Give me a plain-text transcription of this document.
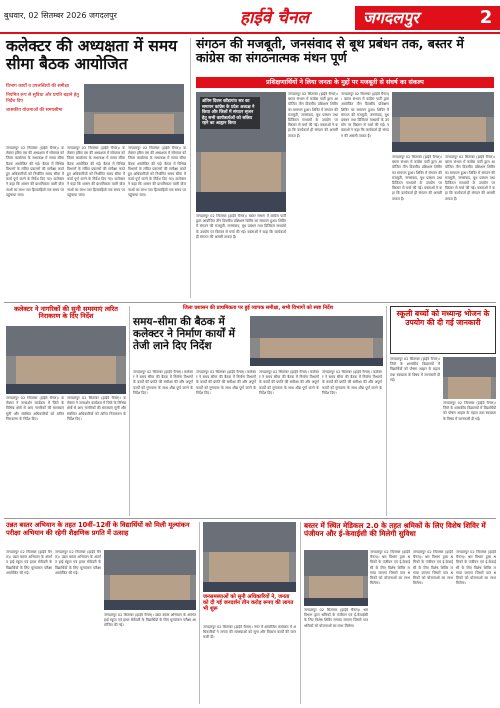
बुधवार, 02 सितम्बर 2026 जगदलपुर	हाईवे चैनल	जगदलपुर	2
कलेक्टर की अध्यक्षता में समय सीमा बैठक आयोजित
विभाग कार्यों व उपलब्धियों की समीक्षा
नियमित रूप से सुविधा और प्रगति बढ़ाने हेतु निर्देश दिए
शासकीय योजनाओं की समयसीमा
जगदलपुर 02 सितम्बर (हाईवे चैनल)। कलेक्टर हरिस एस की अध्यक्षता में सोमवार को जिला कार्यालय के सभाकक्ष में समय सीमा बैठक आयोजित की गई। बैठक में विभिन्न विभागों के लंबित प्रकरणों की समीक्षा करते हुए अधिकारियों को निर्धारित समय सीमा में कार्य पूर्ण करने के निर्देश दिए गए। कलेक्टर ने कहा कि शासन की प्राथमिकता वाली योजनाओं का लाभ पात्र हितग्राहियों तक समय पर पहुंचाया जाए।
जगदलपुर 02 सितम्बर (हाईवे चैनल)। कलेक्टर हरिस एस की अध्यक्षता में सोमवार को जिला कार्यालय के सभाकक्ष में समय सीमा बैठक आयोजित की गई। बैठक में विभिन्न विभागों के लंबित प्रकरणों की समीक्षा करते हुए अधिकारियों को निर्धारित समय सीमा में कार्य पूर्ण करने के निर्देश दिए गए। कलेक्टर ने कहा कि शासन की प्राथमिकता वाली योजनाओं का लाभ पात्र हितग्राहियों तक समय पर पहुंचाया जाए।
जगदलपुर 02 सितम्बर (हाईवे चैनल)। कलेक्टर हरिस एस की अध्यक्षता में सोमवार को जिला कार्यालय के सभाकक्ष में समय सीमा बैठक आयोजित की गई। बैठक में विभिन्न विभागों के लंबित प्रकरणों की समीक्षा करते हुए अधिकारियों को निर्धारित समय सीमा में कार्य पूर्ण करने के निर्देश दिए गए। कलेक्टर ने कहा कि शासन की प्राथमिकता वाली योजनाओं का लाभ पात्र हितग्राहियों तक समय पर पहुंचाया जाए।
संगठन की मजबूती, जनसंवाद से बूथ प्रबंधन तक, बस्तर में कांग्रेस का संगठनात्मक मंथन पूर्ण
प्रशिक्षणार्थियों ने लिया जनता के मुद्दों पर मजबूती से संघर्ष का संकल्प
अंतिम दिवस कोंडागांव सत्र का समापन कांग्रेस के प्रदेश अध्यक्ष ने किया और जिलों में संगठन सृजन हेतु सभी कार्यकर्ताओं को सक्रिय रहने का आह्वान किया
जगदलपुर 02 सितम्बर (हाईवे चैनल)। बस्तर संभाग में कांग्रेस पार्टी द्वारा आयोजित तीन दिवसीय प्रशिक्षण शिविर का समापन हुआ। शिविर में संगठन की मजबूती, जनसंवाद, बूथ प्रबंधन तथा डिजिटल माध्यमों के उपयोग पर विस्तार से चर्चा की गई। वक्ताओं ने कहा कि कार्यकर्ता ही संगठन की असली ताकत हैं।
जगदलपुर 02 सितम्बर (हाईवे चैनल)। बस्तर संभाग में कांग्रेस पार्टी द्वारा आयोजित तीन दिवसीय प्रशिक्षण शिविर का समापन हुआ। शिविर में संगठन की मजबूती, जनसंवाद, बूथ प्रबंधन तथा डिजिटल माध्यमों के उपयोग पर विस्तार से चर्चा की गई। वक्ताओं ने कहा कि कार्यकर्ता ही संगठन की असली ताकत हैं।
जगदलपुर 02 सितम्बर (हाईवे चैनल)। बस्तर संभाग में कांग्रेस पार्टी द्वारा आयोजित तीन दिवसीय प्रशिक्षण शिविर का समापन हुआ। शिविर में संगठन की मजबूती, जनसंवाद, बूथ प्रबंधन तथा डिजिटल माध्यमों के उपयोग पर विस्तार से चर्चा की गई। वक्ताओं ने कहा कि कार्यकर्ता ही संगठन की असली ताकत हैं।
जगदलपुर 02 सितम्बर (हाईवे चैनल)। बस्तर संभाग में कांग्रेस पार्टी द्वारा आयोजित तीन दिवसीय प्रशिक्षण शिविर का समापन हुआ। शिविर में संगठन की मजबूती, जनसंवाद, बूथ प्रबंधन तथा डिजिटल माध्यमों के उपयोग पर विस्तार से चर्चा की गई। वक्ताओं ने कहा कि कार्यकर्ता ही संगठन की असली ताकत हैं।
जगदलपुर 02 सितम्बर (हाईवे चैनल)। बस्तर संभाग में कांग्रेस पार्टी द्वारा आयोजित तीन दिवसीय प्रशिक्षण शिविर का समापन हुआ। शिविर में संगठन की मजबूती, जनसंवाद, बूथ प्रबंधन तथा डिजिटल माध्यमों के उपयोग पर विस्तार से चर्चा की गई। वक्ताओं ने कहा कि कार्यकर्ता ही संगठन की असली ताकत हैं।
कलेक्टर ने नागरिकों की सुनी समस्याएं त्वरित निराकरण के दिए निर्देश
जगदलपुर 02 सितम्बर (हाईवे चैनल)। कलेक्टर ने जनदर्शन कार्यक्रम में जिले के विभिन्न क्षेत्रों से आए नागरिकों की समस्याएं सुनीं और संबंधित अधिकारियों को त्वरित निराकरण के निर्देश दिए।
जगदलपुर 02 सितम्बर (हाईवे चैनल)। कलेक्टर ने जनदर्शन कार्यक्रम में जिले के विभिन्न क्षेत्रों से आए नागरिकों की समस्याएं सुनीं और संबंधित अधिकारियों को त्वरित निराकरण के निर्देश दिए।
जिला प्रशासन की प्राथमिकता पर हुई व्यापक समीक्षा, सभी विभागों को स्पष्ट निर्देश
समय–सीमा की बैठक में कलेक्टर ने निर्माण कार्यों में तेजी लाने दिए निर्देश
जगदलपुर 02 सितम्बर (हाईवे चैनल)। कलेक्टर ने समय सीमा की बैठक में निर्माण विभागों के कार्यों की प्रगति की समीक्षा की और अपूर्ण कार्यों को गुणवत्ता के साथ शीघ्र पूर्ण करने के निर्देश दिए।
जगदलपुर 02 सितम्बर (हाईवे चैनल)। कलेक्टर ने समय सीमा की बैठक में निर्माण विभागों के कार्यों की प्रगति की समीक्षा की और अपूर्ण कार्यों को गुणवत्ता के साथ शीघ्र पूर्ण करने के निर्देश दिए।
जगदलपुर 02 सितम्बर (हाईवे चैनल)। कलेक्टर ने समय सीमा की बैठक में निर्माण विभागों के कार्यों की प्रगति की समीक्षा की और अपूर्ण कार्यों को गुणवत्ता के साथ शीघ्र पूर्ण करने के निर्देश दिए।
जगदलपुर 02 सितम्बर (हाईवे चैनल)। कलेक्टर ने समय सीमा की बैठक में निर्माण विभागों के कार्यों की प्रगति की समीक्षा की और अपूर्ण कार्यों को गुणवत्ता के साथ शीघ्र पूर्ण करने के निर्देश दिए।
स्कूली बच्चों को मध्यान्ह भोजन के उपयोग की दी गई जानकारी
जगदलपुर 02 सितम्बर (हाईवे चैनल)। जिले के शासकीय विद्यालयों में विद्यार्थियों को पोषण आहार के महत्व तथा स्वच्छता के विषय में जानकारी दी गई।
जगदलपुर 02 सितम्बर (हाईवे चैनल)। जिले के शासकीय विद्यालयों में विद्यार्थियों को पोषण आहार के महत्व तथा स्वच्छता के विषय में जानकारी दी गई।
उन्नत बस्तर अभियान के तहत 10वीं–12वीं के विद्यार्थियों को मिली मूल्यांकन परीक्षा अभियान की रहेगी शैक्षणिक प्रगति में उत्साह
जगदलपुर 02 सितम्बर (हाईवे चैनल)। उन्नत बस्तर अभियान के अंतर्गत हाई स्कूल एवं हायर सेकेंडरी के विद्यार्थियों के लिए मूल्यांकन परीक्षा आयोजित की गई।
जगदलपुर 02 सितम्बर (हाईवे चैनल)। उन्नत बस्तर अभियान के अंतर्गत हाई स्कूल एवं हायर सेकेंडरी के विद्यार्थियों के लिए मूल्यांकन परीक्षा आयोजित की गई।
जगदलपुर 02 सितम्बर (हाईवे चैनल)। उन्नत बस्तर अभियान के अंतर्गत हाई स्कूल एवं हायर सेकेंडरी के विद्यार्थियों के लिए मूल्यांकन परीक्षा आयोजित की गई।
जनसमस्याओं को सुनी अधिकारियों ने, जनता को दी गई जनदर्शन तीन करोड़ रूपए की लागत भी शुरू
जगदलपुर 02 सितम्बर (हाईवे चैनल)। नगर में आयोजित कार्यक्रम में अधिकारियों ने जनता की समस्याओं को सुना और विकास कार्यों की जानकारी दी।
बस्तर में स्थित मेडिकल 2.0 के तहत श्रमिकों के लिए विशेष शिविर में पंजीयन और ई-केवाईसी की मिलेगी सुविधा
जगदलपुर 02 सितम्बर (हाईवे चैनल)। श्रम विभाग द्वारा श्रमिकों के पंजीयन एवं ई-केवाईसी के लिए विशेष शिविर लगाया जाएगा जिसमें पात्र श्रमिकों को योजनाओं का लाभ मिलेगा।
जगदलपुर 02 सितम्बर (हाईवे चैनल)। श्रम विभाग द्वारा श्रमिकों के पंजीयन एवं ई-केवाईसी के लिए विशेष शिविर लगाया जाएगा जिसमें पात्र श्रमिकों को योजनाओं का लाभ मिलेगा।
जगदलपुर 02 सितम्बर (हाईवे चैनल)। श्रम विभाग द्वारा श्रमिकों के पंजीयन एवं ई-केवाईसी के लिए विशेष शिविर लगाया जाएगा जिसमें पात्र श्रमिकों को योजनाओं का लाभ मिलेगा।
जगदलपुर 02 सितम्बर (हाईवे चैनल)। श्रम विभाग द्वारा श्रमिकों के पंजीयन एवं ई-केवाईसी के लिए विशेष शिविर लगाया जाएगा जिसमें पात्र श्रमिकों को योजनाओं का लाभ मिलेगा।
